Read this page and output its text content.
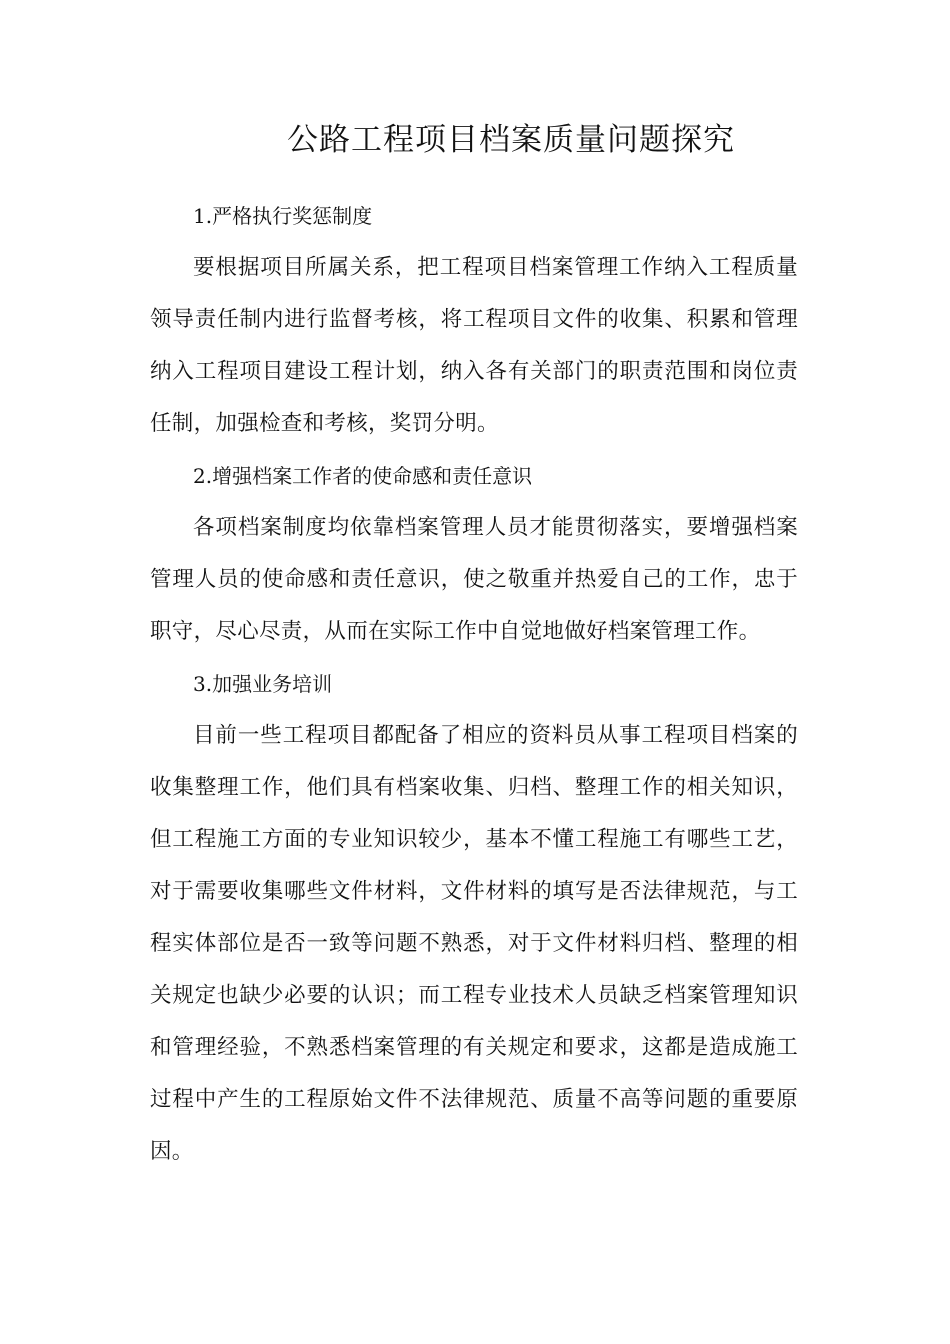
公路工程项目档案质量问题探究

1.严格执行奖惩制度

要根据项目所属关系，把工程项目档案管理工作纳入工程质量领导责任制内进行监督考核，将工程项目文件的收集、积累和管理纳入工程项目建设工程计划，纳入各有关部门的职责范围和岗位责任制，加强检查和考核，奖罚分明。

2.增强档案工作者的使命感和责任意识

各项档案制度均依靠档案管理人员才能贯彻落实，要增强档案管理人员的使命感和责任意识，使之敬重并热爱自己的工作，忠于职守，尽心尽责，从而在实际工作中自觉地做好档案管理工作。

3.加强业务培训

目前一些工程项目都配备了相应的资料员从事工程项目档案的收集整理工作，他们具有档案收集、归档、整理工作的相关知识，但工程施工方面的专业知识较少，基本不懂工程施工有哪些工艺，对于需要收集哪些文件材料，文件材料的填写是否法律规范，与工程实体部位是否一致等问题不熟悉，对于文件材料归档、整理的相关规定也缺少必要的认识；而工程专业技术人员缺乏档案管理知识和管理经验，不熟悉档案管理的有关规定和要求，这都是造成施工过程中产生的工程原始文件不法律规范、质量不高等问题的重要原因。
